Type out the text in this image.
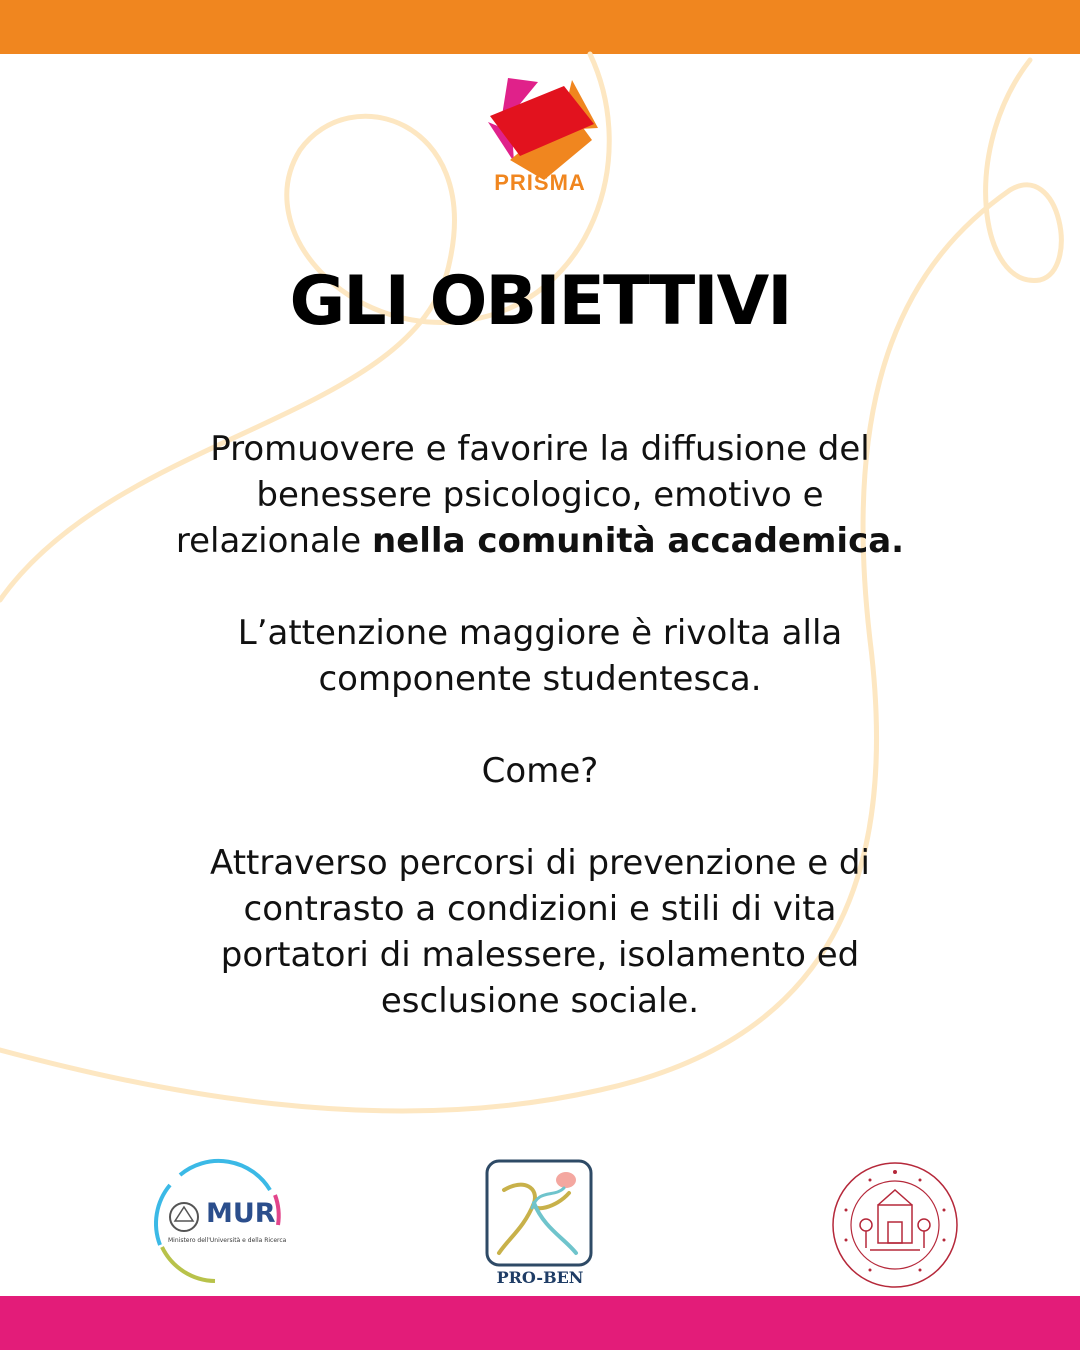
PRISMA
GLI OBIETTIVI
Promuovere e favorire la diffusione del
benessere psicologico, emotivo e
relazionale nella comunità accademica.
L’attenzione maggiore è rivolta alla
componente studentesca.
Come?
Attraverso percorsi di prevenzione e di
contrasto a condizioni e stili di vita
portatori di malessere, isolamento ed
esclusione sociale.
MUR
Ministero dell'Università e della Ricerca
PRO-BEN
